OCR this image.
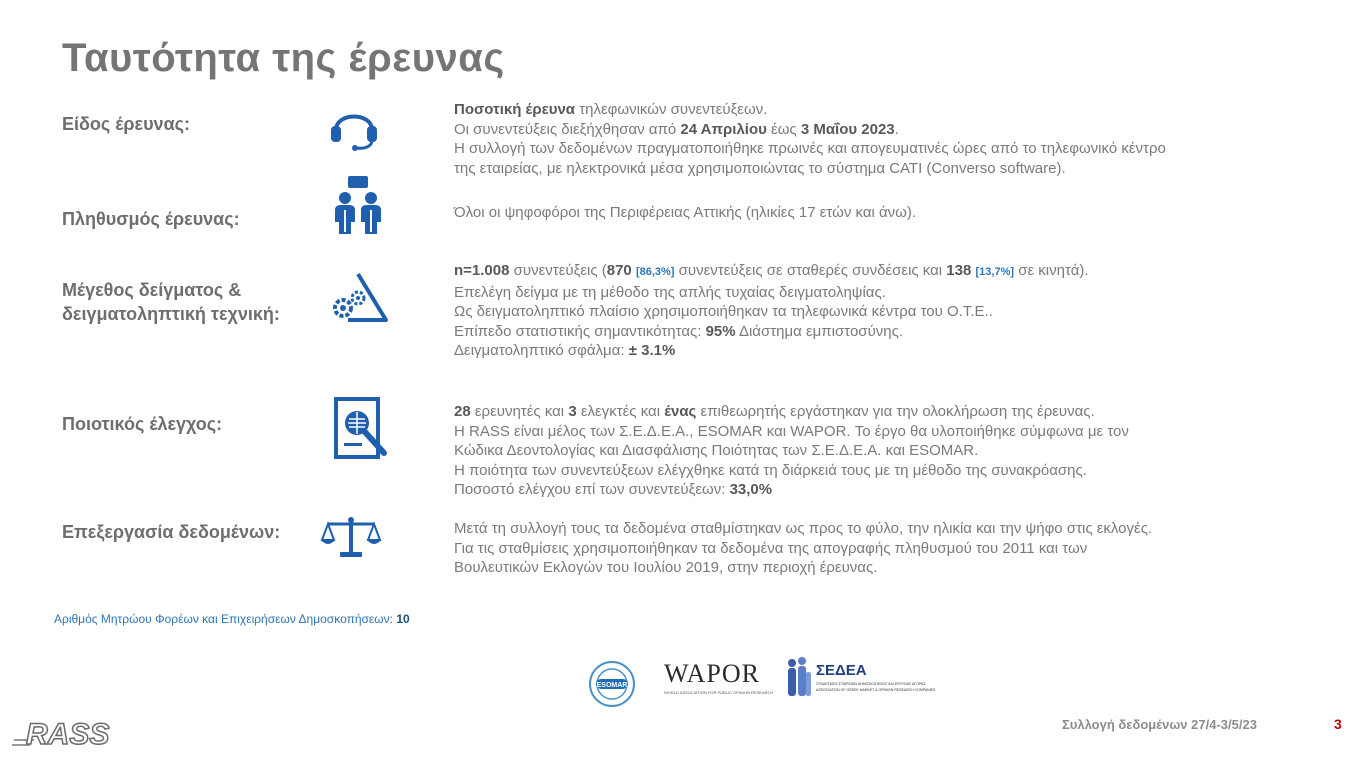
Ταυτότητα της έρευνας
Είδος έρευνας:
Πληθυσμός έρευνας:
Μέγεθος δείγματος &
δειγματοληπτική τεχνική:
Ποιοτικός έλεγχος:
Επεξεργασία δεδομένων:
Ποσοτική έρευνα τηλεφωνικών συνεντεύξεων.
Οι συνεντεύξεις διεξήχθησαν από 24 Απριλίου έως 3 Μαΐου 2023.
Η συλλογή των δεδομένων πραγματοποιήθηκε πρωινές και απογευματινές ώρες από το τηλεφωνικό κέντρο
της εταιρείας, με ηλεκτρονικά μέσα χρησιμοποιώντας το σύστημα CATI (Converso software).
Όλοι οι ψηφοφόροι της Περιφέρειας Αττικής (ηλικίες 17 ετών και άνω).
n=1.008 συνεντεύξεις (870 [86,3%] συνεντεύξεις σε σταθερές συνδέσεις και 138 [13,7%] σε κινητά).
Επελέγη δείγμα με τη μέθοδο της απλής τυχαίας δειγματοληψίας.
Ως δειγματοληπτικό πλαίσιο χρησιμοποιήθηκαν τα τηλεφωνικά κέντρα του Ο.Τ.Ε..
Επίπεδο στατιστικής σημαντικότητας: 95% Διάστημα εμπιστοσύνης.
Δειγματοληπτικό σφάλμα: ± 3.1%
28 ερευνητές και 3 ελεγκτές και ένας επιθεωρητής εργάστηκαν για την ολοκλήρωση της έρευνας.
Η RASS είναι μέλος των Σ.Ε.Δ.Ε.Α., ESOMAR και WAPOR. Το έργο θα υλοποιήθηκε σύμφωνα με τον
Κώδικα Δεοντολογίας και Διασφάλισης Ποιότητας των Σ.Ε.Δ.Ε.Α. και ESOMAR.
Η ποιότητα των συνεντεύξεων ελέγχθηκε κατά τη διάρκειά τους με τη μέθοδο της συνακρόασης.
Ποσοστό ελέγχου επί των συνεντεύξεων: 33,0%
Μετά τη συλλογή τους τα δεδομένα σταθμίστηκαν ως προς το φύλο, την ηλικία και την ψήφο στις εκλογές.
Για τις σταθμίσεις χρησιμοποιήθηκαν τα δεδομένα της απογραφής πληθυσμού του 2011 και των
Βουλευτικών Εκλογών του Ιουλίου 2019, στην περιοχή έρευνας.
Αριθμός Μητρώου Φορέων και Επιχειρήσεων Δημοσκοπήσεων: 10
ESOMAR WAPOR
WORLD ASSOCIATION FOR PUBLIC OPINION RESEARCH
ΣΕΔΕΑ
ΣΥΝΔΕΣΜΟΣ ΕΤΑΙΡΕΙΩΝ ΔΗΜΟΣΚΟΠΗΣΗΣ ΚΑΙ ΕΡΕΥΝΑΣ ΑΓΟΡΑΣ
ASSOCIATION OF GREEK MARKET & OPINION RESEARCH COMPANIES
RASS	Συλλογή δεδομένων 27/4-3/5/23	3
